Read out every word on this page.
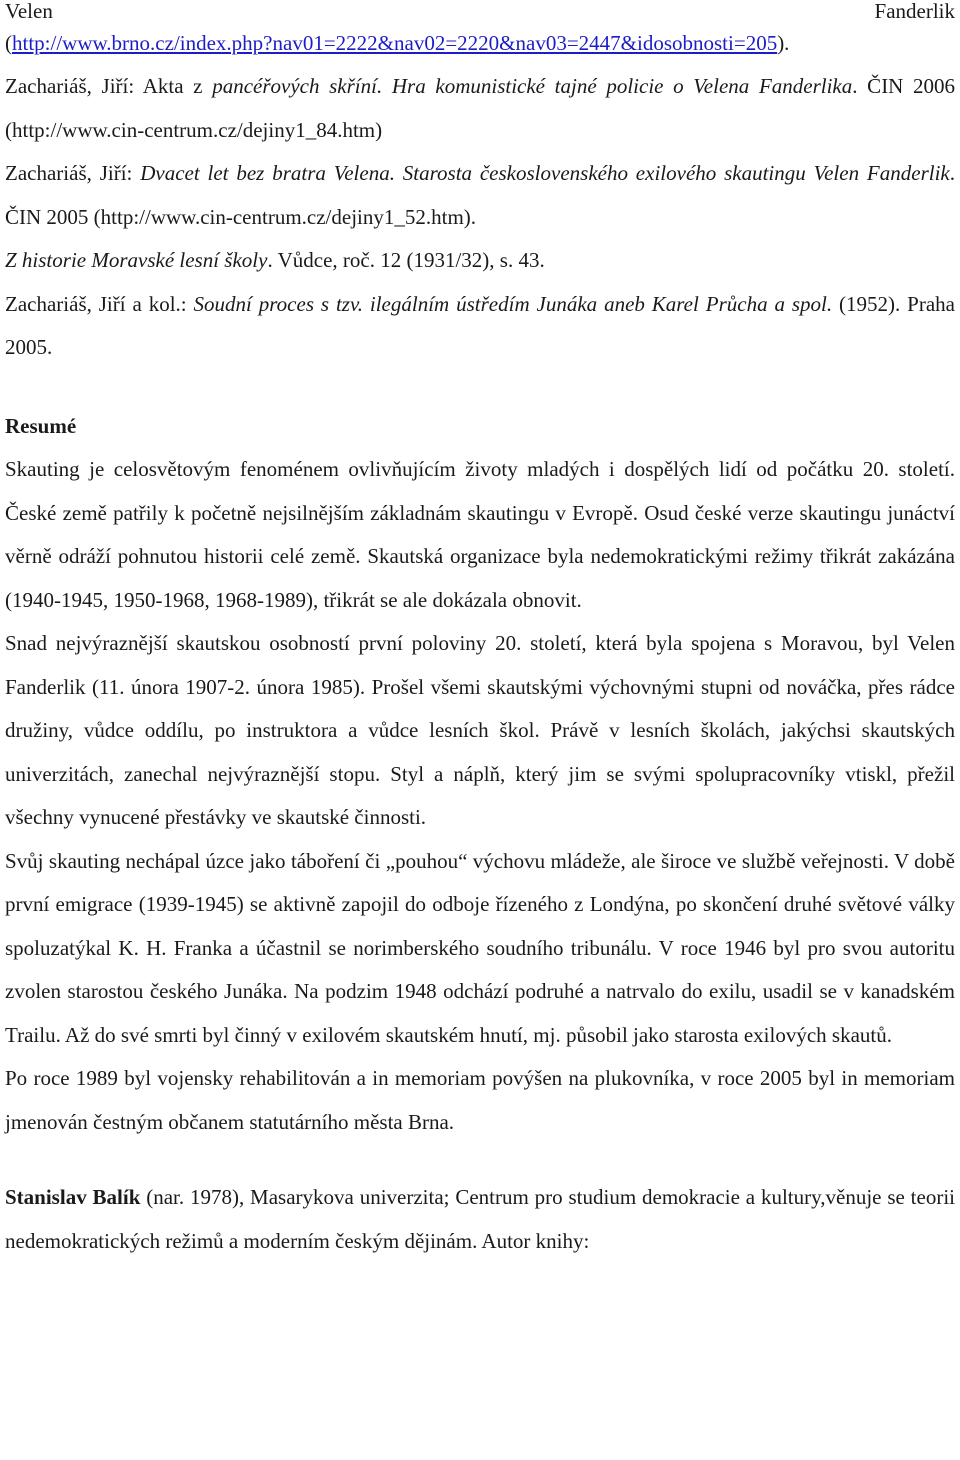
Velen	Fanderlik

(http://www.brno.cz/index.php?nav01=2222&nav02=2220&nav03=2447&idosobnosti=205).

Zachariáš, Jiří: Akta z pancéřových skříní. Hra komunistické tajné policie o Velena Fanderlika. ČIN 2006 (http://www.cin-centrum.cz/dejiny1_84.htm)

Zachariáš, Jiří: Dvacet let bez bratra Velena. Starosta československého exilového skautingu Velen Fanderlik. ČIN 2005 (http://www.cin-centrum.cz/dejiny1_52.htm).

Z historie Moravské lesní školy. Vůdce, roč. 12 (1931/32), s. 43.

Zachariáš, Jiří a kol.: Soudní proces s tzv. ilegálním ústředím Junáka aneb Karel Průcha a spol. (1952). Praha 2005.

Resumé

Skauting je celosvětovým fenoménem ovlivňujícím životy mladých i dospělých lidí od počátku 20. století. České země patřily k početně nejsilnějším základnám skautingu v Evropě. Osud české verze skautingu junáctví věrně odráží pohnutou historii celé země. Skautská organizace byla nedemokratickými režimy třikrát zakázána (1940-1945, 1950-1968, 1968-1989), třikrát se ale dokázala obnovit.

Snad nejvýraznější skautskou osobností první poloviny 20. století, která byla spojena s Moravou, byl Velen Fanderlik (11. února 1907-2. února 1985). Prošel všemi skautskými výchovnými stupni od nováčka, přes rádce družiny, vůdce oddílu, po instruktora a vůdce lesních škol. Právě v lesních školách, jakýchsi skautských univerzitách, zanechal nejvýraznější stopu. Styl a náplň, který jim se svými spolupracovníky vtiskl, přežil všechny vynucené přestávky ve skautské činnosti.

Svůj skauting nechápal úzce jako táboření či „pouhou“ výchovu mládeže, ale široce ve službě veřejnosti. V době první emigrace (1939-1945) se aktivně zapojil do odboje řízeného z Londýna, po skončení druhé světové války spoluzatýkal K. H. Franka a účastnil se norimberského soudního tribunálu. V roce 1946 byl pro svou autoritu zvolen starostou českého Junáka. Na podzim 1948 odchází podruhé a natrvalo do exilu, usadil se v kanadském Trailu. Až do své smrti byl činný v exilovém skautském hnutí, mj. působil jako starosta exilových skautů.

Po roce 1989 byl vojensky rehabilitován a in memoriam povýšen na plukovníka, v roce 2005 byl in memoriam jmenován čestným občanem statutárního města Brna.

Stanislav Balík (nar. 1978), Masarykova univerzita; Centrum pro studium demokracie a kultury,věnuje se teorii nedemokratických režimů a moderním českým dějinám. Autor knihy:
